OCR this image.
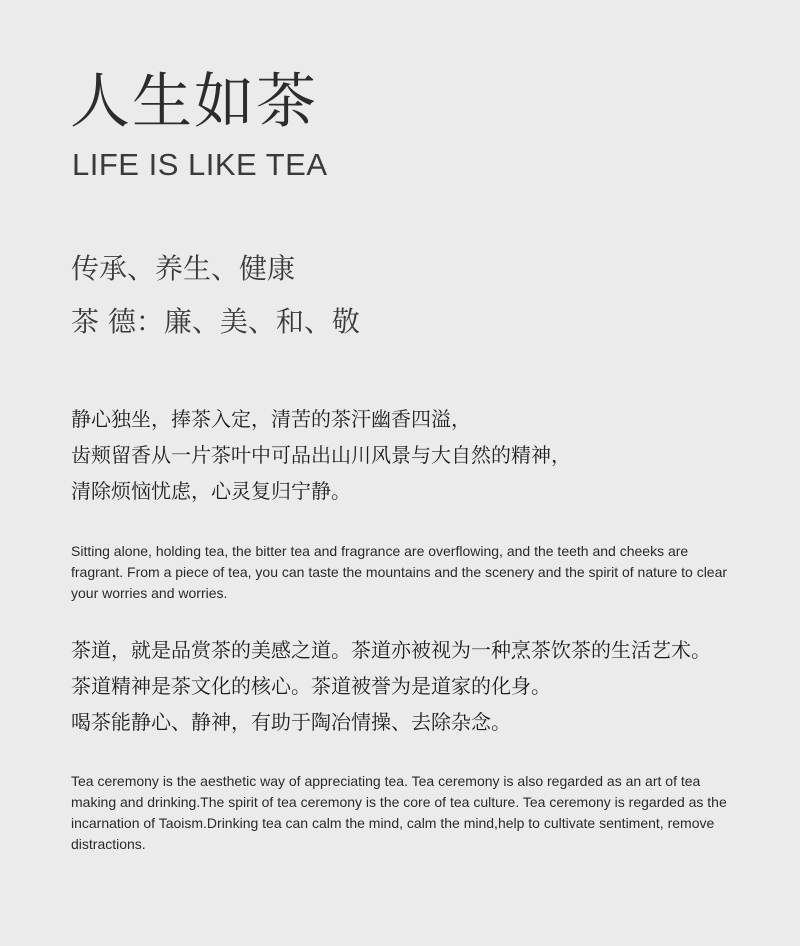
人生如茶
LIFE IS LIKE TEA
传承、养生、健康
茶 德：廉、美、和、敬
静心独坐，捧茶入定，清苦的茶汗幽香四溢，
齿颊留香从一片茶叶中可品出山川风景与大自然的精神，
清除烦恼忧虑，心灵复归宁静。
Sitting alone, holding tea, the bitter tea and fragrance are overflowing, and the teeth and cheeks are fragrant. From a piece of tea, you can taste the mountains and the scenery and the spirit of nature to clear your worries and worries.
茶道，就是品赏茶的美感之道。茶道亦被视为一种烹茶饮茶的生活艺术。
茶道精神是茶文化的核心。茶道被誉为是道家的化身。
喝茶能静心、静神，有助于陶冶情操、去除杂念。
Tea ceremony is the aesthetic way of appreciating tea. Tea ceremony is also regarded as an art of tea making and drinking.The spirit of tea ceremony is the core of tea culture. Tea ceremony is regarded as the incarnation of Taoism.Drinking tea can calm the mind, calm the mind,help to cultivate sentiment, remove distractions.
